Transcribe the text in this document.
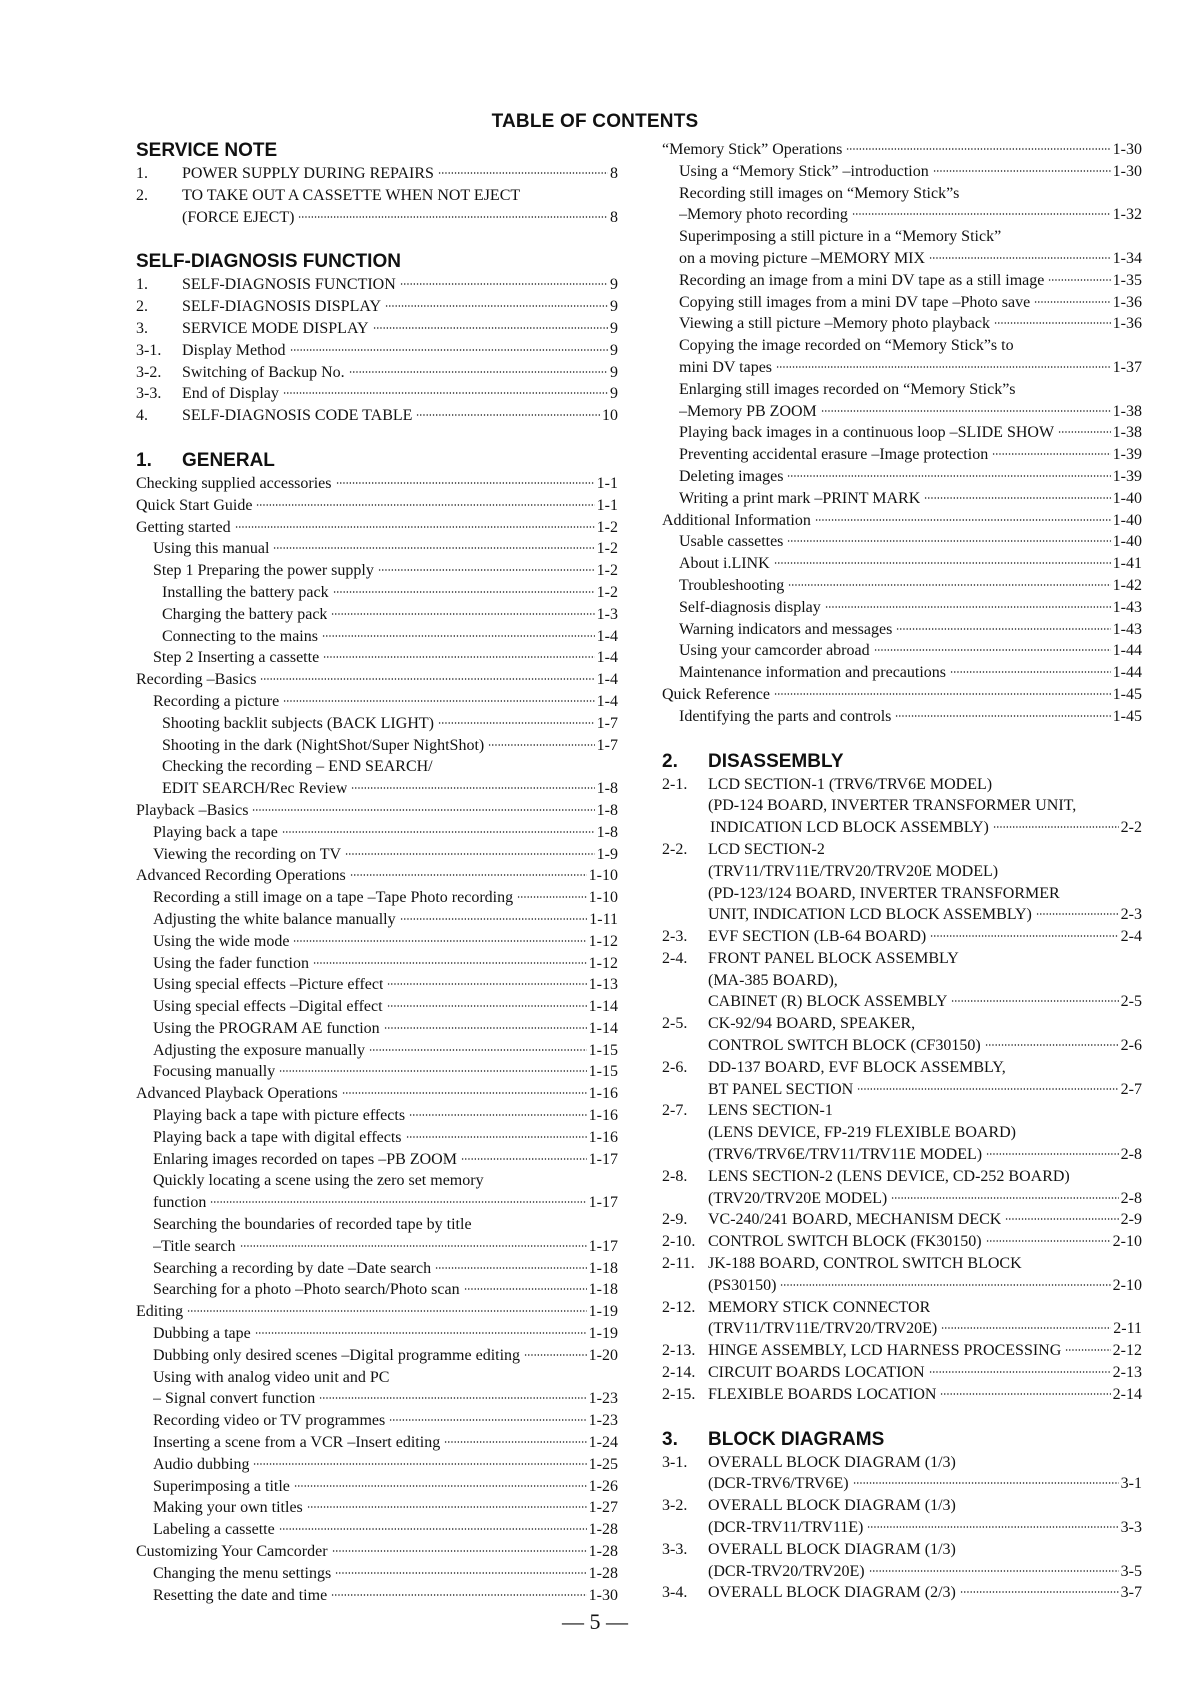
TABLE OF CONTENTS
SERVICE NOTE
1.	POWER SUPPLY DURING REPAIRS	8
2.	TO TAKE OUT A CASSETTE WHEN NOT EJECT
(FORCE EJECT)	8
SELF-DIAGNOSIS FUNCTION
1.	SELF-DIAGNOSIS FUNCTION	9
2.	SELF-DIAGNOSIS DISPLAY	9
3.	SERVICE MODE DISPLAY	9
3-1.	Display Method	9
3-2.	Switching of Backup No.	9
3-3.	End of Display	9
4.	SELF-DIAGNOSIS CODE TABLE	10
1. GENERAL
Checking supplied accessories	1-1
Quick Start Guide	1-1
Getting started	1-2
Using this manual	1-2
Step 1 Preparing the power supply	1-2
Installing the battery pack	1-2
Charging the battery pack	1-3
Connecting to the mains	1-4
Step 2 Inserting a cassette	1-4
Recording –Basics	1-4
Recording a picture	1-4
Shooting backlit subjects (BACK LIGHT)	1-7
Shooting in the dark (NightShot/Super NightShot)	1-7
Checking the recording – END SEARCH/
EDIT SEARCH/Rec Review	1-8
Playback –Basics	1-8
Playing back a tape	1-8
Viewing the recording on TV	1-9
Advanced Recording Operations	1-10
Recording a still image on a tape –Tape Photo recording	1-10
Adjusting the white balance manually	1-11
Using the wide mode	1-12
Using the fader function	1-12
Using special effects –Picture effect	1-13
Using special effects –Digital effect	1-14
Using the PROGRAM AE function	1-14
Adjusting the exposure manually	1-15
Focusing manually	1-15
Advanced Playback Operations	1-16
Playing back a tape with picture effects	1-16
Playing back a tape with digital effects	1-16
Enlaring images recorded on tapes –PB ZOOM	1-17
Quickly locating a scene using the zero set memory
function	1-17
Searching the boundaries of recorded tape by title
–Title search	1-17
Searching a recording by date –Date search	1-18
Searching for a photo –Photo search/Photo scan	1-18
Editing	1-19
Dubbing a tape	1-19
Dubbing only desired scenes –Digital programme editing	1-20
Using with analog video unit and PC
– Signal convert function	1-23
Recording video or TV programmes	1-23
Inserting a scene from a VCR –Insert editing	1-24
Audio dubbing	1-25
Superimposing a title	1-26
Making your own titles	1-27
Labeling a cassette	1-28
Customizing Your Camcorder	1-28
Changing the menu settings	1-28
Resetting the date and time	1-30
“Memory Stick” Operations	1-30
Using a “Memory Stick” –introduction	1-30
Recording still images on “Memory Stick”s
–Memory photo recording	1-32
Superimposing a still picture in a “Memory Stick”
on a moving picture –MEMORY MIX	1-34
Recording an image from a mini DV tape as a still image	1-35
Copying still images from a mini DV tape –Photo save	1-36
Viewing a still picture –Memory photo playback	1-36
Copying the image recorded on “Memory Stick”s to
mini DV tapes	1-37
Enlarging still images recorded on “Memory Stick”s
–Memory PB ZOOM	1-38
Playing back images in a continuous loop –SLIDE SHOW	1-38
Preventing accidental erasure –Image protection	1-39
Deleting images	1-39
Writing a print mark –PRINT MARK	1-40
Additional Information	1-40
Usable cassettes	1-40
About i.LINK	1-41
Troubleshooting	1-42
Self-diagnosis display	1-43
Warning indicators and messages	1-43
Using your camcorder abroad	1-44
Maintenance information and precautions	1-44
Quick Reference	1-45
Identifying the parts and controls	1-45
2. DISASSEMBLY
2-1.	LCD SECTION-1 (TRV6/TRV6E MODEL)
(PD-124 BOARD, INVERTER TRANSFORMER UNIT,
INDICATION LCD BLOCK ASSEMBLY)	2-2
2-2.	LCD SECTION-2
(TRV11/TRV11E/TRV20/TRV20E MODEL)
(PD-123/124 BOARD, INVERTER TRANSFORMER
UNIT, INDICATION LCD BLOCK ASSEMBLY)	2-3
2-3.	EVF SECTION (LB-64 BOARD)	2-4
2-4.	FRONT PANEL BLOCK ASSEMBLY
(MA-385 BOARD),
CABINET (R) BLOCK ASSEMBLY	2-5
2-5.	CK-92/94 BOARD, SPEAKER,
CONTROL SWITCH BLOCK (CF30150)	2-6
2-6.	DD-137 BOARD, EVF BLOCK ASSEMBLY,
BT PANEL SECTION	2-7
2-7.	LENS SECTION-1
(LENS DEVICE, FP-219 FLEXIBLE BOARD)
(TRV6/TRV6E/TRV11/TRV11E MODEL)	2-8
2-8.	LENS SECTION-2 (LENS DEVICE, CD-252 BOARD)
(TRV20/TRV20E MODEL)	2-8
2-9.	VC-240/241 BOARD, MECHANISM DECK	2-9
2-10. CONTROL SWITCH BLOCK (FK30150)	2-10
2-11. JK-188 BOARD, CONTROL SWITCH BLOCK
(PS30150)	2-10
2-12. MEMORY STICK CONNECTOR
(TRV11/TRV11E/TRV20/TRV20E)	2-11
2-13. HINGE ASSEMBLY, LCD HARNESS PROCESSING	2-12
2-14. CIRCUIT BOARDS LOCATION	2-13
2-15. FLEXIBLE BOARDS LOCATION	2-14
3. BLOCK DIAGRAMS
3-1.	OVERALL BLOCK DIAGRAM (1/3)
(DCR-TRV6/TRV6E)	3-1
3-2.	OVERALL BLOCK DIAGRAM (1/3)
(DCR-TRV11/TRV11E)	3-3
3-3.	OVERALL BLOCK DIAGRAM (1/3)
(DCR-TRV20/TRV20E)	3-5
3-4.	OVERALL BLOCK DIAGRAM (2/3)	3-7
— 5 —
